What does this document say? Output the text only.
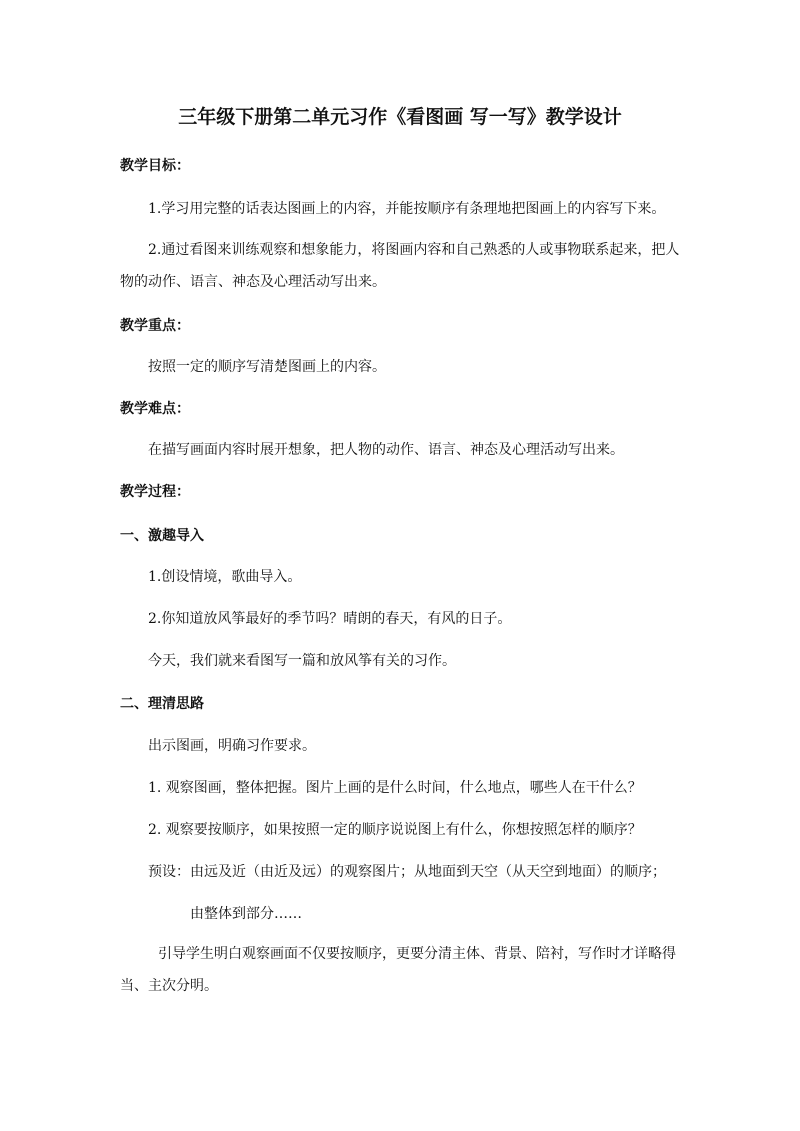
三年级下册第二单元习作《看图画 写一写》教学设计
教学目标：
1.学习用完整的话表达图画上的内容，并能按顺序有条理地把图画上的内容写下来。
2.通过看图来训练观察和想象能力，将图画内容和自己熟悉的人或事物联系起来，把人
物的动作、语言、神态及心理活动写出来。
教学重点：
按照一定的顺序写清楚图画上的内容。
教学难点：
在描写画面内容时展开想象，把人物的动作、语言、神态及心理活动写出来。
教学过程：
一、激趣导入
1.创设情境，歌曲导入。
2.你知道放风筝最好的季节吗？晴朗的春天，有风的日子。
今天，我们就来看图写一篇和放风筝有关的习作。
二、理清思路
出示图画，明确习作要求。
1. 观察图画，整体把握。图片上画的是什么时间，什么地点，哪些人在干什么？
2. 观察要按顺序，如果按照一定的顺序说说图上有什么，你想按照怎样的顺序？
预设：由远及近（由近及远）的观察图片；从地面到天空（从天空到地面）的顺序；
由整体到部分……
引导学生明白观察画面不仅要按顺序，更要分清主体、背景、陪衬，写作时才详略得
当、主次分明。
